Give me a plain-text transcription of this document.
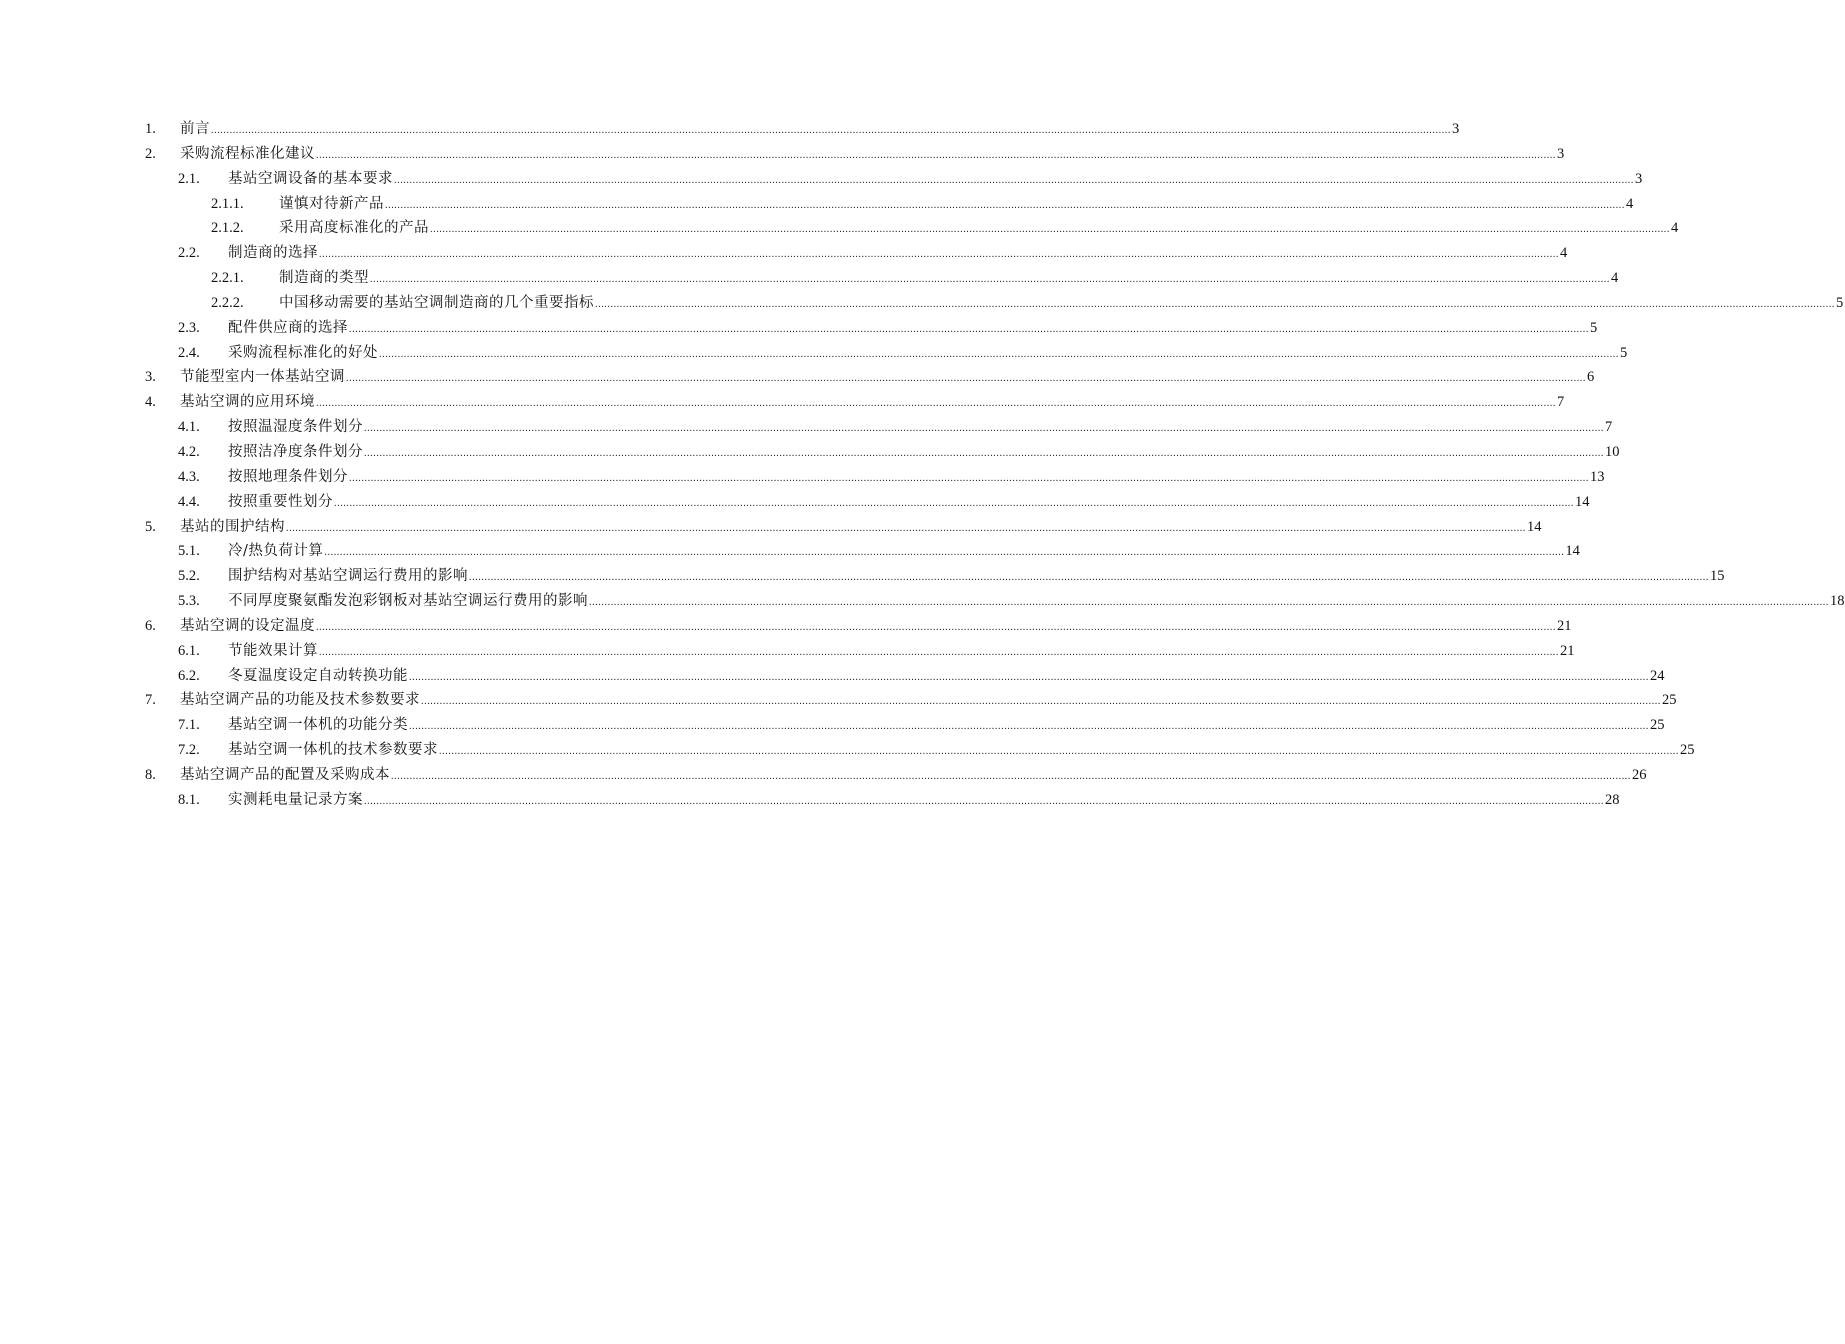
1. 前言 ................................................................................................................................................................................................................................................................................................................................................................................................................ 3
2. 采购流程标准化建议 ................................................................................................................................................................................................................................................................................................................................................................................................................ 3
2.1. 基站空调设备的基本要求 ................................................................................................................................................................................................................................................................................................................................................................................................................ 3
2.1.1. 谨慎对待新产品 ................................................................................................................................................................................................................................................................................................................................................................................................................ 4
2.1.2. 采用高度标准化的产品 ................................................................................................................................................................................................................................................................................................................................................................................................................ 4
2.2. 制造商的选择 ................................................................................................................................................................................................................................................................................................................................................................................................................ 4
2.2.1. 制造商的类型 ................................................................................................................................................................................................................................................................................................................................................................................................................ 4
2.2.2. 中国移动需要的基站空调制造商的几个重要指标 ................................................................................................................................................................................................................................................................................................................................................................................................................ 5
2.3. 配件供应商的选择 ................................................................................................................................................................................................................................................................................................................................................................................................................ 5
2.4. 采购流程标准化的好处 ................................................................................................................................................................................................................................................................................................................................................................................................................ 5
3. 节能型室内一体基站空调 ................................................................................................................................................................................................................................................................................................................................................................................................................ 6
4. 基站空调的应用环境 ................................................................................................................................................................................................................................................................................................................................................................................................................ 7
4.1. 按照温湿度条件划分 ................................................................................................................................................................................................................................................................................................................................................................................................................ 7
4.2. 按照洁净度条件划分 ................................................................................................................................................................................................................................................................................................................................................................................................................ 10
4.3. 按照地理条件划分 ................................................................................................................................................................................................................................................................................................................................................................................................................ 13
4.4. 按照重要性划分 ................................................................................................................................................................................................................................................................................................................................................................................................................ 14
5. 基站的围护结构 ................................................................................................................................................................................................................................................................................................................................................................................................................ 14
5.1. 冷/热负荷计算 ................................................................................................................................................................................................................................................................................................................................................................................................................ 14
5.2. 围护结构对基站空调运行费用的影响 ................................................................................................................................................................................................................................................................................................................................................................................................................ 15
5.3. 不同厚度聚氨酯发泡彩钢板对基站空调运行费用的影响 ................................................................................................................................................................................................................................................................................................................................................................................................................ 18
6. 基站空调的设定温度 ................................................................................................................................................................................................................................................................................................................................................................................................................ 21
6.1. 节能效果计算 ................................................................................................................................................................................................................................................................................................................................................................................................................ 21
6.2. 冬夏温度设定自动转换功能 ................................................................................................................................................................................................................................................................................................................................................................................................................ 24
7. 基站空调产品的功能及技术参数要求 ................................................................................................................................................................................................................................................................................................................................................................................................................ 25
7.1. 基站空调一体机的功能分类 ................................................................................................................................................................................................................................................................................................................................................................................................................ 25
7.2. 基站空调一体机的技术参数要求 ................................................................................................................................................................................................................................................................................................................................................................................................................ 25
8. 基站空调产品的配置及采购成本 ................................................................................................................................................................................................................................................................................................................................................................................................................ 26
8.1. 实测耗电量记录方案 ................................................................................................................................................................................................................................................................................................................................................................................................................ 28
